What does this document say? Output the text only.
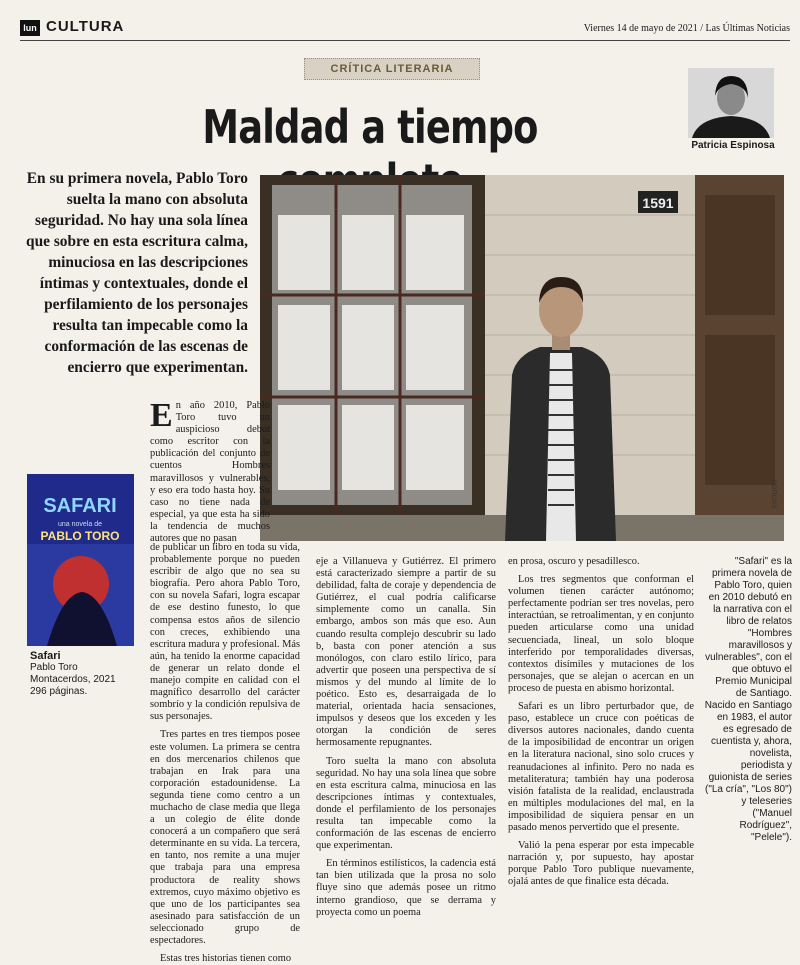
lun CULTURA	Viernes 14 de mayo de 2021 / Las Últimas Noticias
CRÍTICA LITERARIA
Maldad a tiempo	Patricia Espinosa
En su primera novela, Pablo Toro suelta la mano con absoluta seguridad. No hay una sola línea que sobre en esta escritura calma, minuciosa en las descripciones íntimas y contextuales, donde el perfilamiento de los personajes resulta tan impecable como la conformación de las escenas de encierro que experimentan.
1591
NOTICIAS
SAFARI
una novela de
PABLO TORO
Safari
Pablo Toro
Montacerdos, 2021
296 páginas.
En año 2010, Pablo Toro tuvo un auspicioso debut como escritor con la publicación del conjunto de cuentos Hombres maravillosos y vulnerables, y eso era todo hasta hoy. Su caso no tiene nada de especial, ya que esta ha sido la tendencia de muchos autores que no pasan

de publicar un libro en toda su vida, probablemente porque no pueden escribir de algo que no sea su biografía. Pero ahora Pablo Toro, con su novela Safari, logra escapar de ese destino funesto, lo que compensa estos años de silencio con creces, exhibiendo una escritura madura y profesional. Más aún, ha tenido la enorme capacidad de generar un relato donde el manejo compite en calidad con el magnífico desarrollo del carácter sombrío y la condición repulsiva de sus personajes.

Tres partes en tres tiempos posee este volumen. La primera se centra en dos mercenarios chilenos que trabajan en Irak para una corporación estadounidense. La segunda tiene como centro a un muchacho de clase media que llega a un colegio de élite donde conocerá a un compañero que será determinante en su vida. La tercera, en tanto, nos remite a una mujer que trabaja para una empresa productora de reality shows extremos, cuyo máximo objetivo es que uno de los participantes sea asesinado para satisfacción de un seleccionado grupo de espectadores.

Estas tres historias tienen como

eje a Villanueva y Gutiérrez. El primero está caracterizado siempre a partir de su debilidad, falta de coraje y dependencia de Gutiérrez, el cual podría calificarse simplemente como un canalla. Sin embargo, ambos son más que eso. Aun cuando resulta complejo descubrir su lado b, basta con poner atención a sus monólogos, con claro estilo lírico, para advertir que poseen una perspectiva de sí mismos y del mundo al límite de lo poético. Esto es, desarraigada de lo material, orientada hacia sensaciones, impulsos y deseos que los exceden y les otorgan la condición de seres hermosamente repugnantes.

Toro suelta la mano con absoluta seguridad. No hay una sola línea que sobre en esta escritura calma, minuciosa en las descripciones íntimas y contextuales, donde el perfilamiento de los personajes resulta tan impecable como la conformación de las escenas de encierro que experimentan.

En términos estilísticos, la cadencia está tan bien utilizada que la prosa no solo fluye sino que además posee un ritmo interno grandioso, que se derrama y proyecta como un poema

en prosa, oscuro y pesadillesco.

Los tres segmentos que conforman el volumen tienen carácter autónomo; perfectamente podrían ser tres novelas, pero interactúan, se retroalimentan, y en conjunto pueden articularse como una unidad secuenciada, lineal, un solo bloque interferido por temporalidades diversas, contextos disímiles y mutaciones de los personajes, que se alejan o acercan en un proceso de puesta en abismo horizontal.

Safari es un libro perturbador que, de paso, establece un cruce con poéticas de diversos autores nacionales, dando cuenta de la imposibilidad de encontrar un origen en la literatura nacional, sino solo cruces y reanudaciones al infinito. Pero no nada es metaliteratura; también hay una poderosa visión fatalista de la realidad, enclaustrada en múltiples modulaciones del mal, en la imposibilidad de siquiera pensar en un pasado menos pervertido que el presente.

Valió la pena esperar por esta impecable narración y, por supuesto, hay apostar porque Pablo Toro publique nuevamente, ojalá antes de que finalice esta década.

"Safari" es la primera novela de Pablo Toro, quien en 2010 debutó en la narrativa con el libro de relatos "Hombres maravillosos y vulnerables", con el que obtuvo el Premio Municipal de Santiago. Nacido en Santiago en 1983, el autor es egresado de cuentista y, ahora, novelista, periodista y guionista de series ("La cría", "Los 80") y teleseries ("Manuel Rodríguez", "Pelele").
